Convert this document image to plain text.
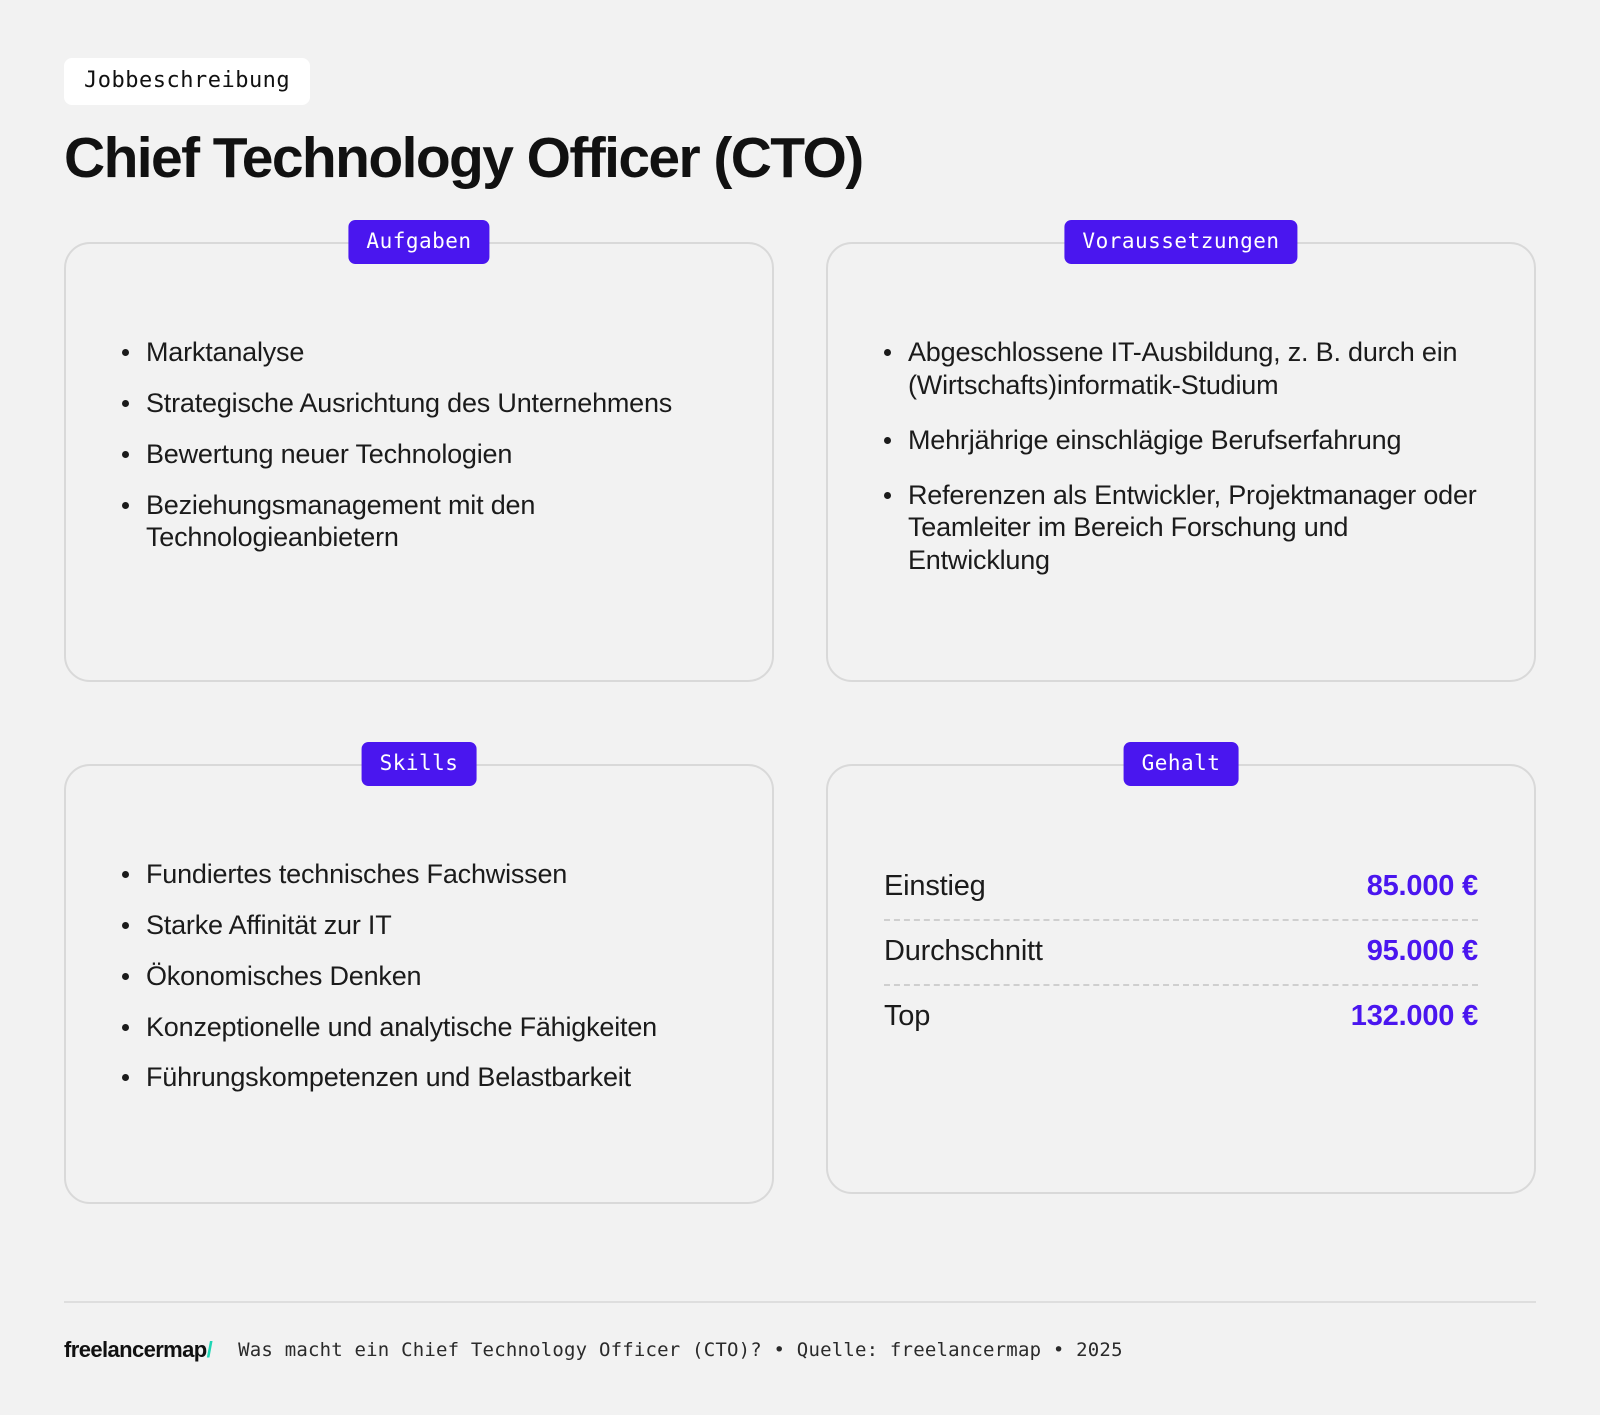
Jobbeschreibung
Chief Technology Officer (CTO)
Aufgaben
Marktanalyse
Strategische Ausrichtung des Unternehmens
Bewertung neuer Technologien
Beziehungsmanagement mit den Technologieanbietern
Voraussetzungen
Abgeschlossene IT-Ausbildung, z. B. durch ein (Wirtschafts)informatik-Studium
Mehrjährige einschlägige Berufserfahrung
Referenzen als Entwickler, Projektmanager oder Teamleiter im Bereich Forschung und Entwicklung
Skills
Fundiertes technisches Fachwissen
Starke Affinität zur IT
Ökonomisches Denken
Konzeptionelle und analytische Fähigkeiten
Führungskompetenzen und Belastbarkeit
Gehalt
Einstieg	85.000 €
Durchschnitt	95.000 €
Top	132.000 €
freelancermap/ Was macht ein Chief Technology Officer (CTO)? • Quelle: freelancermap • 2025
